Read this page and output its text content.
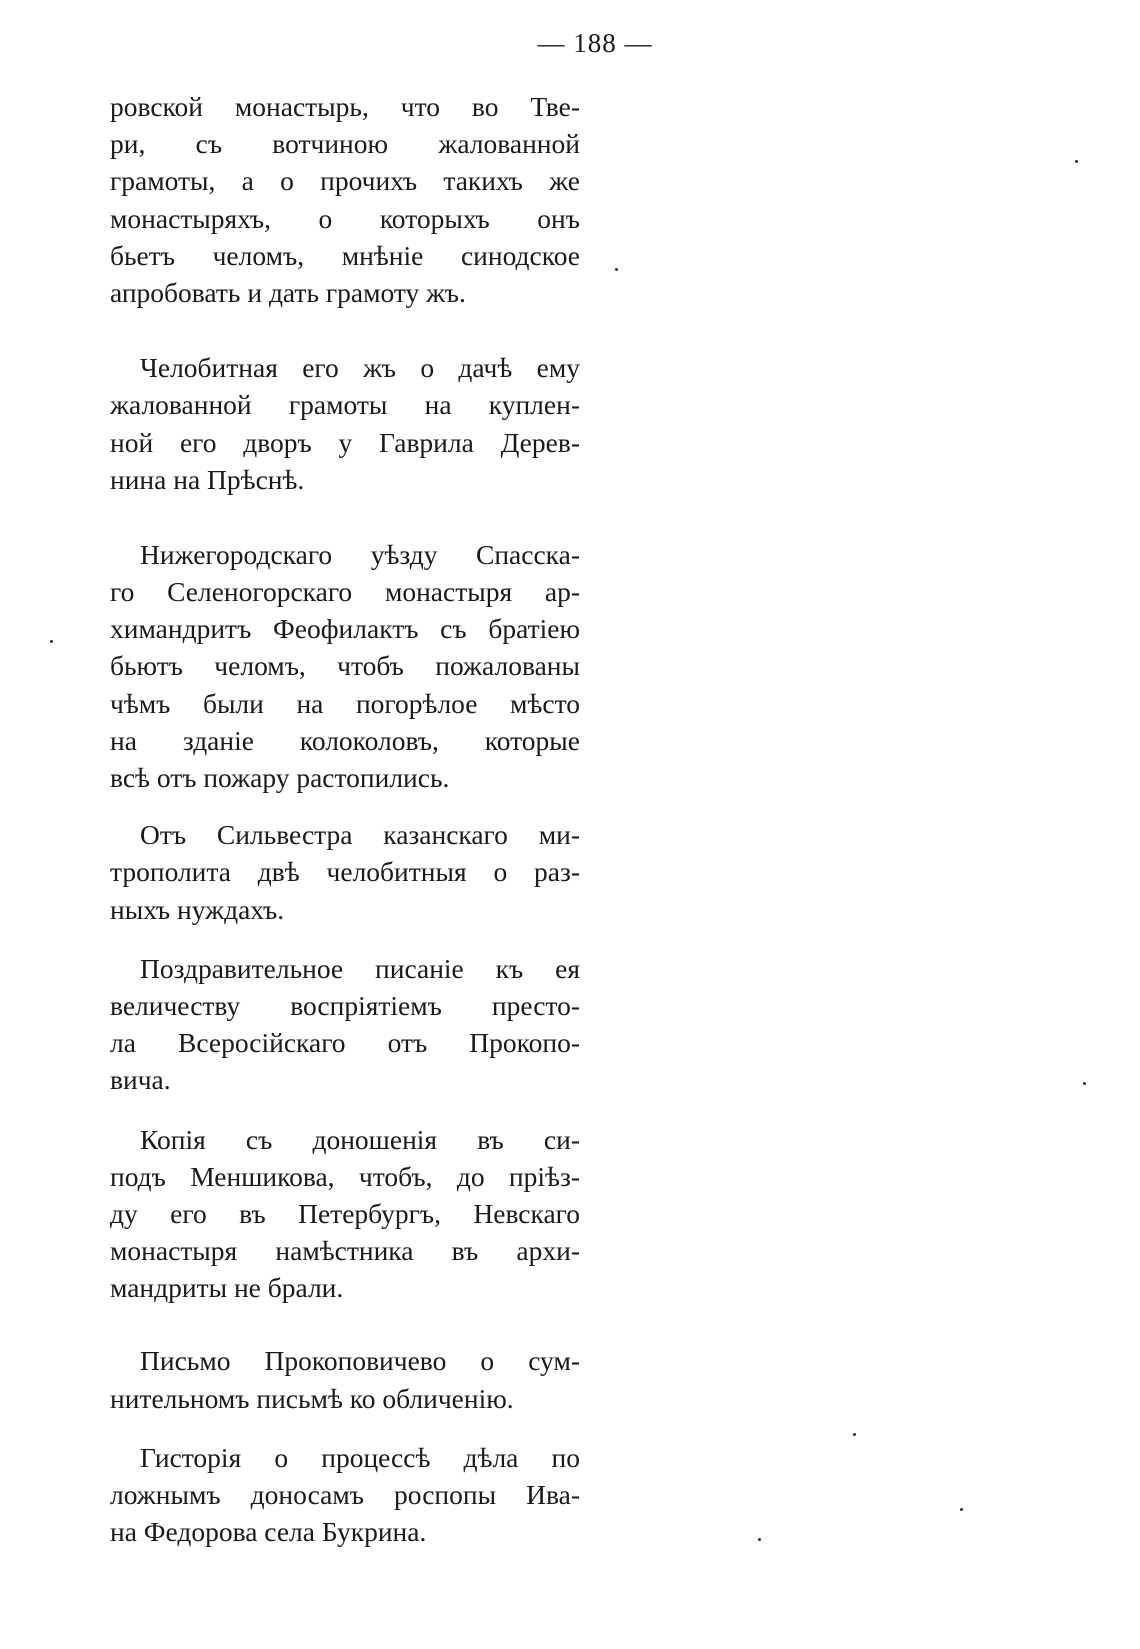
— 188 —
ровской монастырь, что во Тве-
ри, съ вотчиною жалованной
грамоты, а о прочихъ такихъ же
монастыряхъ, о которыхъ онъ
бьетъ челомъ, мнѣніе синодское
апробовать и дать грамоту жъ.
Челобитная его жъ о дачѣ ему
жалованной грамоты на куплен-
ной его дворъ у Гаврила Дерев-
нина на Прѣснѣ.
Нижегородскаго уѣзду Спасска-
го Селеногорскаго монастыря ар-
химандритъ Феофилактъ съ братіею
бьютъ челомъ, чтобъ пожалованы
чѣмъ были на погорѣлое мѣсто
на зданіе колоколовъ, которые
всѣ отъ пожару растопились.
Отъ Сильвестра казанскаго ми-
трополита двѣ челобитныя о раз-
ныхъ нуждахъ.
Поздравительное писаніе къ ея
величеству воспріятіемъ престо-
ла Всеросійскаго отъ Прокопо-
вича.
Копія съ доношенія въ си-
подъ Меншикова, чтобъ, до пріѣз-
ду его въ Петербургъ, Невскаго
монастыря намѣстника въ архи-
мандриты не брали.
Письмо Прокоповичево о сум-
нительномъ письмѣ ко обличенію.
Гисторія о процессѣ дѣла по
ложнымъ доносамъ роспопы Ива-
на Федорова села Букрина.
